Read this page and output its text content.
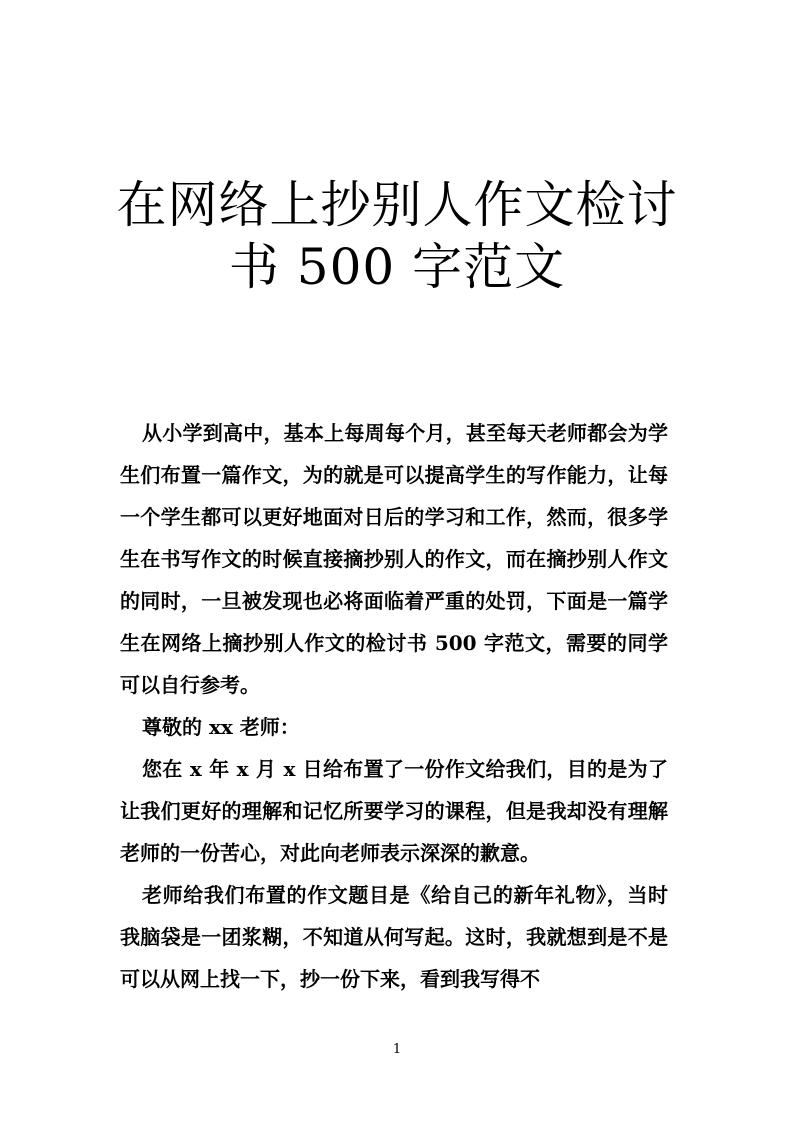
在网络上抄别人作文检讨
书 500 字范文

从小学到高中，基本上每周每个月，甚至每天老师都会为学生们布置一篇作文，为的就是可以提高学生的写作能力，让每一个学生都可以更好地面对日后的学习和工作，然而，很多学生在书写作文的时候直接摘抄别人的作文，而在摘抄别人作文的同时，一旦被发现也必将面临着严重的处罚，下面是一篇学生在网络上摘抄别人作文的检讨书 500 字范文，需要的同学可以自行参考。

尊敬的 xx 老师：

您在 x 年 x 月 x 日给布置了一份作文给我们，目的是为了让我们更好的理解和记忆所要学习的课程，但是我却没有理解老师的一份苦心，对此向老师表示深深的歉意。

老师给我们布置的作文题目是《给自己的新年礼物》，当时我脑袋是一团浆糊，不知道从何写起。这时，我就想到是不是可以从网上找一下，抄一份下来，看到我写得不

1
